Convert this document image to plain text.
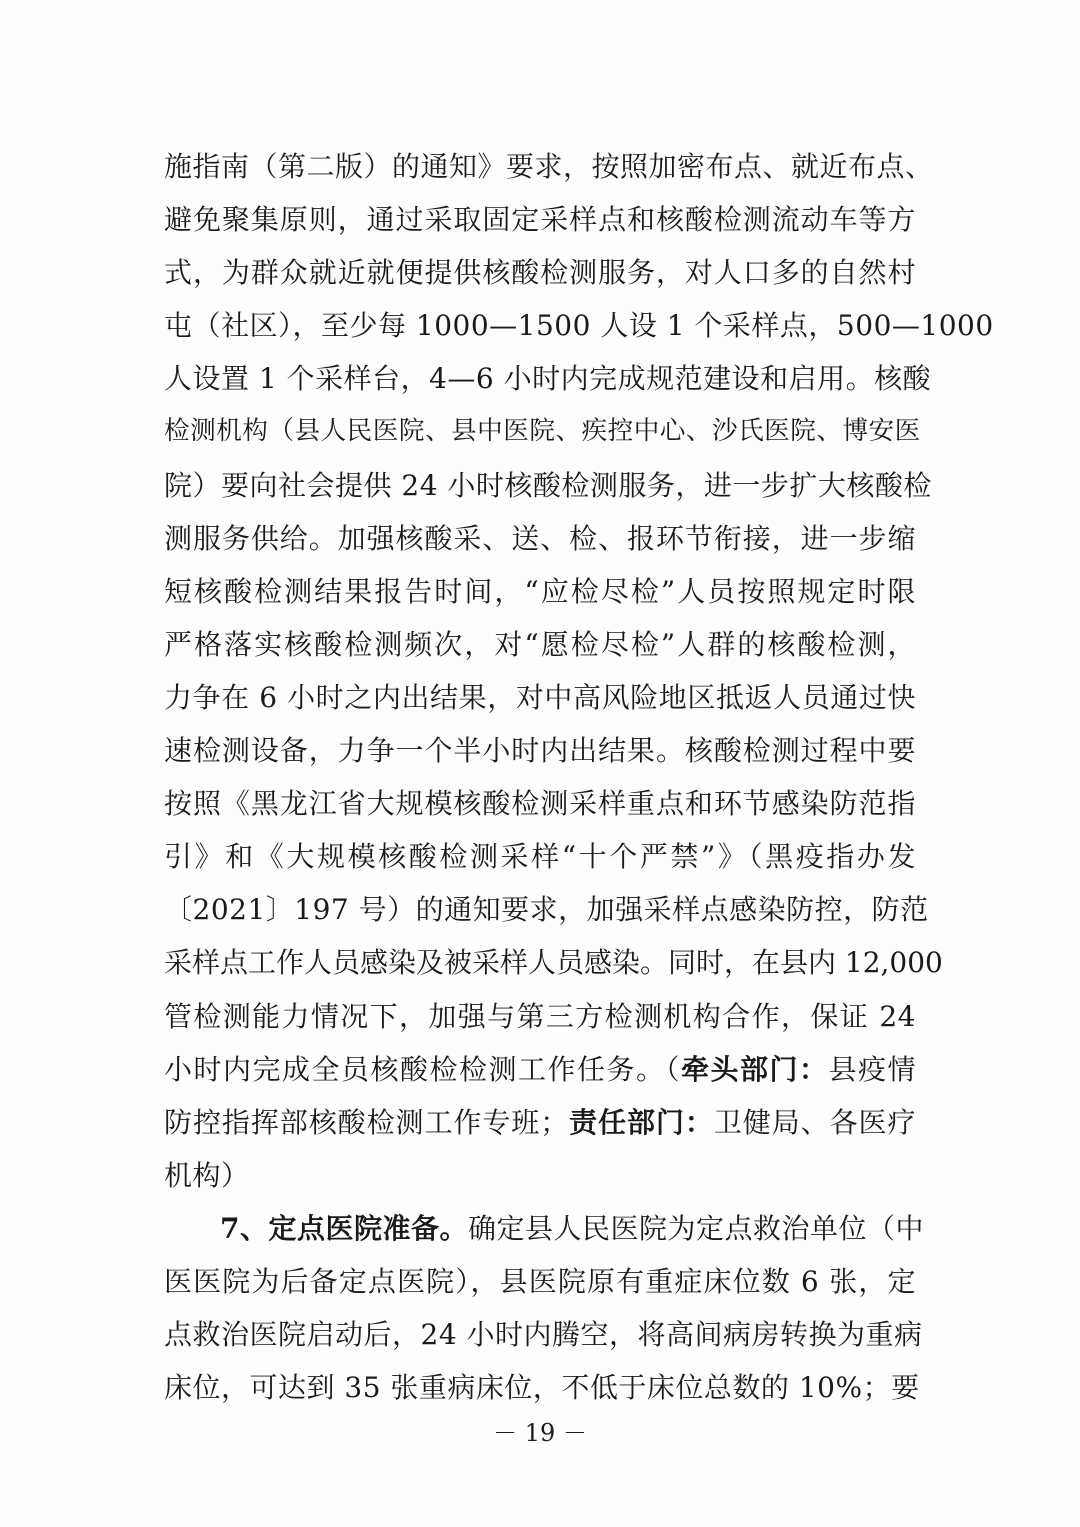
施指南（第二版）的通知》要求，按照加密布点、就近布点、
避免聚集原则，通过采取固定采样点和核酸检测流动车等方
式，为群众就近就便提供核酸检测服务，对人口多的自然村
屯（社区），至少每 1000—1500 人设 1 个采样点，500—1000
人设置 1 个采样台，4—6 小时内完成规范建设和启用。核酸
检测机构（县人民医院、县中医院、疾控中心、沙氏医院、博安医
院）要向社会提供 24 小时核酸检测服务，进一步扩大核酸检
测服务供给。加强核酸采、送、检、报环节衔接，进一步缩
短核酸检测结果报告时间，“应检尽检”人员按照规定时限
严格落实核酸检测频次，对“愿检尽检”人群的核酸检测，
力争在 6 小时之内出结果，对中高风险地区抵返人员通过快
速检测设备，力争一个半小时内出结果。核酸检测过程中要
按照《黑龙江省大规模核酸检测采样重点和环节感染防范指
引》和《大规模核酸检测采样“十个严禁”》（黑疫指办发
〔2021〕197 号）的通知要求，加强采样点感染防控，防范
采样点工作人员感染及被采样人员感染。同时，在县内 12,000
管检测能力情况下，加强与第三方检测机构合作，保证 24
小时内完成全员核酸检检测工作任务。（牵头部门：县疫情
防控指挥部核酸检测工作专班；责任部门：卫健局、各医疗
机构）
7、定点医院准备。确定县人民医院为定点救治单位（中
医医院为后备定点医院），县医院原有重症床位数 6 张，定
点救治医院启动后，24 小时内腾空，将高间病房转换为重病
床位，可达到 35 张重病床位，不低于床位总数的 10%；要
－ 19 －
